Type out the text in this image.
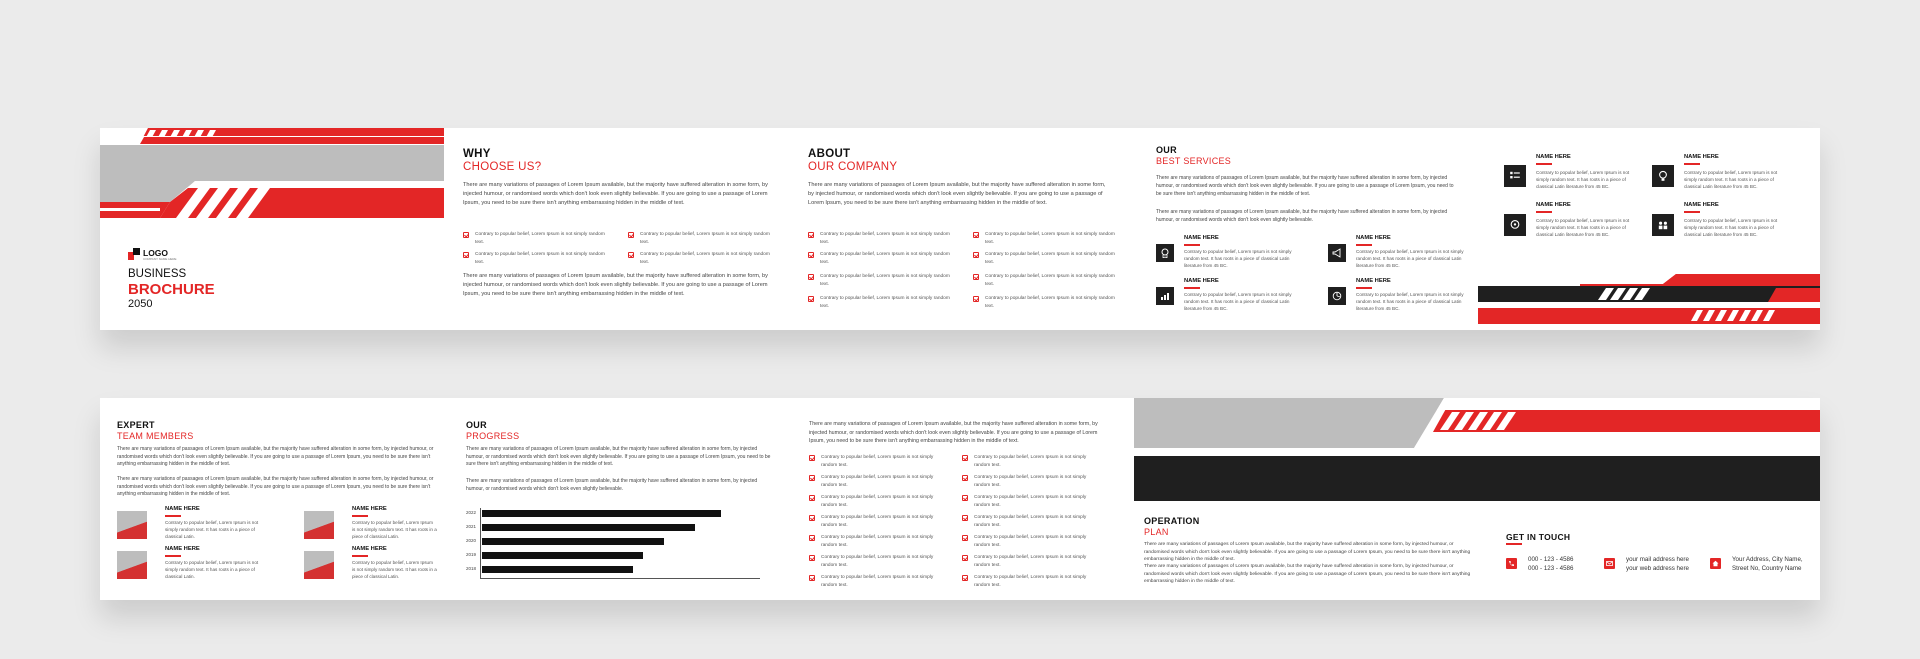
LOGO
COMPANY NAME HERE
BUSINESS
BROCHURE
2050
WHY
CHOOSE US?
There are many variations of passages of Lorem Ipsum available, but the majority have suffered alteration in some form, by injected humour, or randomised words which don't look even slightly believable. If you are going to use a passage of Lorem Ipsum, you need to be sure there isn't anything embarrassing hidden in the middle of text.
Contrary to popular belief, Lorem Ipsum is not simply random text.
Contrary to popular belief, Lorem Ipsum is not simply random text.
Contrary to popular belief, Lorem Ipsum is not simply random text.
Contrary to popular belief, Lorem Ipsum is not simply random text.
There are many variations of passages of Lorem Ipsum available, but the majority have suffered alteration in some form, by injected humour, or randomised words which don't look even slightly believable. If you are going to use a passage of Lorem Ipsum, you need to be sure there isn't anything embarrassing hidden in the middle of text.
ABOUT
OUR COMPANY
There are many variations of passages of Lorem Ipsum available, but the majority have suffered alteration in some form, by injected humour, or randomised words which don't look even slightly believable. If you are going to use a passage of Lorem Ipsum, you need to be sure there isn't anything embarrassing hidden in the middle of text.
Contrary to popular belief, Lorem Ipsum is not simply random text.
Contrary to popular belief, Lorem Ipsum is not simply random text.
Contrary to popular belief, Lorem Ipsum is not simply random text.
Contrary to popular belief, Lorem Ipsum is not simply random text.
Contrary to popular belief, Lorem Ipsum is not simply random text.
Contrary to popular belief, Lorem Ipsum is not simply random text.
Contrary to popular belief, Lorem Ipsum is not simply random text.
Contrary to popular belief, Lorem Ipsum is not simply random text.
OUR
BEST SERVICES
There are many variations of passages of Lorem Ipsum available, but the majority have suffered alteration in some form, by injected humour, or randomised words which don't look even slightly believable. If you are going to use a passage of Lorem Ipsum, you need to be sure there isn't anything embarrassing hidden in the middle of text.
There are many variations of passages of Lorem Ipsum available, but the majority have suffered alteration in some form, by injected humour, or randomised words which don't look even slightly believable.
NAME HERE
Contrary to popular belief, Lorem Ipsum is not simply random text. It has roots in a piece of classical Latin literature from 45 BC.
NAME HERE
Contrary to popular belief, Lorem Ipsum is not simply random text. It has roots in a piece of classical Latin literature from 45 BC.
NAME HERE
Contrary to popular belief, Lorem Ipsum is not simply random text. It has roots in a piece of classical Latin literature from 45 BC.
NAME HERE
Contrary to popular belief, Lorem Ipsum is not simply random text. It has roots in a piece of classical Latin literature from 45 BC.
NAME HERE
Contrary to popular belief, Lorem Ipsum is not simply random text. It has roots in a piece of classical Latin literature from 45 BC.
NAME HERE
Contrary to popular belief, Lorem Ipsum is not simply random text. It has roots in a piece of classical Latin literature from 45 BC.
NAME HERE
Contrary to popular belief, Lorem Ipsum is not simply random text. It has roots in a piece of classical Latin literature from 45 BC.
NAME HERE
Contrary to popular belief, Lorem Ipsum is not simply random text. It has roots in a piece of classical Latin literature from 45 BC.
EXPERT
TEAM MEMBERS
There are many variations of passages of Lorem Ipsum available, but the majority have suffered alteration in some form, by injected humour, or randomised words which don't look even slightly believable. If you are going to use a passage of Lorem Ipsum, you need to be sure there isn't anything embarrassing hidden in the middle of text.
There are many variations of passages of Lorem Ipsum available, but the majority have suffered alteration in some form, by injected humour, or randomised words which don't look even slightly believable. If you are going to use a passage of Lorem Ipsum, you need to be sure there isn't anything embarrassing hidden in the middle of text.
NAME HERE
Contrary to popular belief, Lorem Ipsum is not simply random text. It has roots in a piece of classical Latin.
NAME HERE
Contrary to popular belief, Lorem Ipsum is not simply random text. It has roots in a piece of classical Latin.
NAME HERE
Contrary to popular belief, Lorem Ipsum is not simply random text. It has roots in a piece of classical Latin.
NAME HERE
Contrary to popular belief, Lorem Ipsum is not simply random text. It has roots in a piece of classical Latin.
OUR
PROGRESS
There are many variations of passages of Lorem Ipsum available, but the majority have suffered alteration in some form, by injected humour, or randomised words which don't look even slightly believable. If you are going to use a passage of Lorem Ipsum, you need to be sure there isn't anything embarrassing hidden in the middle of text.
There are many variations of passages of Lorem Ipsum available, but the majority have suffered alteration in some form, by injected humour, or randomised words which don't look even slightly believable.
2022
2021
2020
2019
2018
There are many variations of passages of Lorem Ipsum available, but the majority have suffered alteration in some form, by injected humour, or randomised words which don't look even slightly believable. If you are going to use a passage of Lorem Ipsum, you need to be sure there isn't anything embarrassing hidden in the middle of text.
Contrary to popular belief, Lorem Ipsum is not simply random text.
Contrary to popular belief, Lorem Ipsum is not simply random text.
Contrary to popular belief, Lorem Ipsum is not simply random text.
Contrary to popular belief, Lorem Ipsum is not simply random text.
Contrary to popular belief, Lorem Ipsum is not simply random text.
Contrary to popular belief, Lorem Ipsum is not simply random text.
Contrary to popular belief, Lorem Ipsum is not simply random text.
Contrary to popular belief, Lorem Ipsum is not simply random text.
Contrary to popular belief, Lorem Ipsum is not simply random text.
Contrary to popular belief, Lorem Ipsum is not simply random text.
Contrary to popular belief, Lorem Ipsum is not simply random text.
Contrary to popular belief, Lorem Ipsum is not simply random text.
Contrary to popular belief, Lorem Ipsum is not simply random text.
Contrary to popular belief, Lorem Ipsum is not simply random text.
OPERATION
PLAN
There are many variations of passages of Lorem Ipsum available, but the majority have suffered alteration in some form, by injected humour, or randomised words which don't look even slightly believable. If you are going to use a passage of Lorem Ipsum, you need to be sure there isn't anything embarrassing hidden in the middle of text.
There are many variations of passages of Lorem Ipsum available, but the majority have suffered alteration in some form, by injected humour, or randomised words which don't look even slightly believable. If you are going to use a passage of Lorem Ipsum, you need to be sure there isn't anything embarrassing hidden in the middle of text.
GET IN TOUCH
000 - 123 - 4586
000 - 123 - 4586
your mail address here
your web address here
Your Address, City Name,
Street No, Country Name
